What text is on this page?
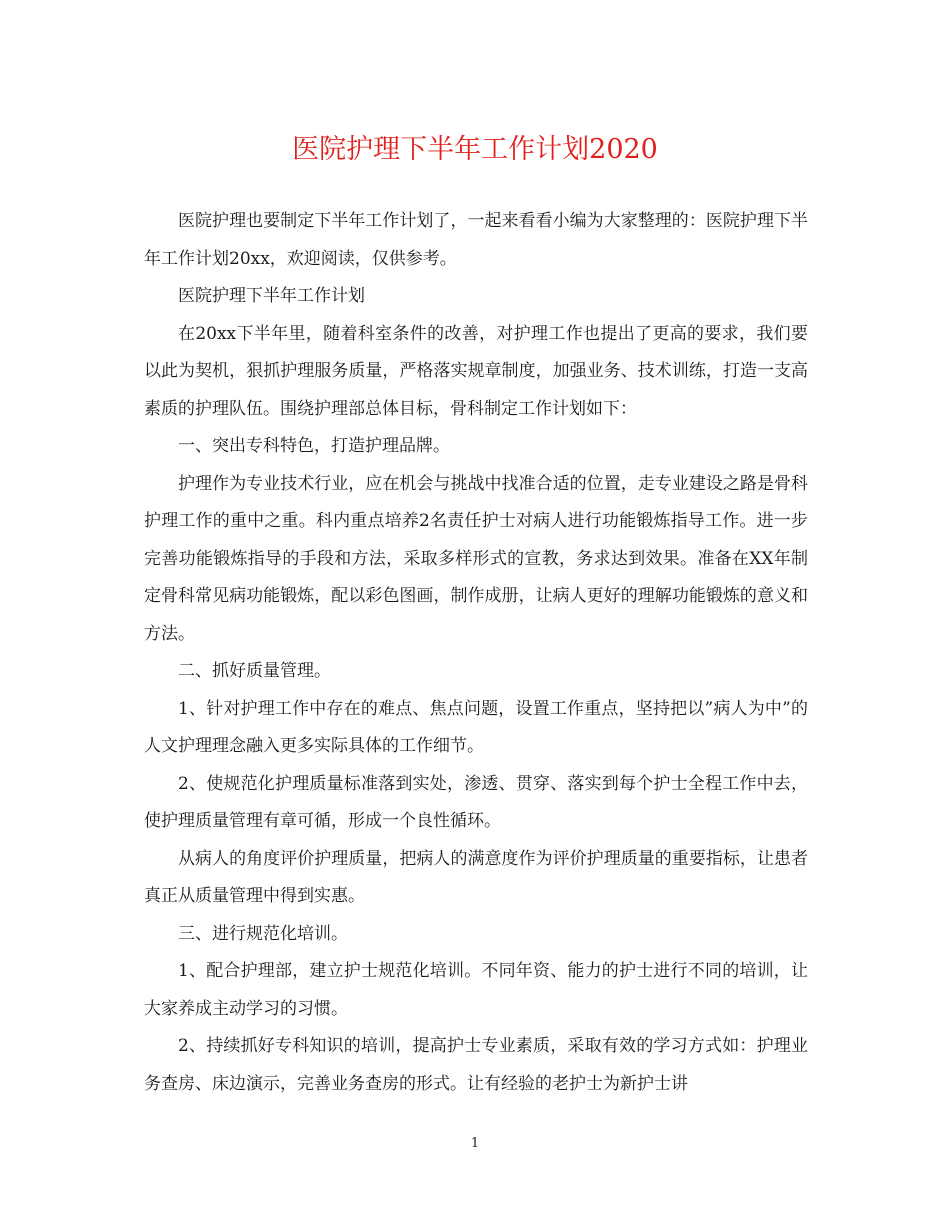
医院护理下半年工作计划2020

医院护理也要制定下半年工作计划了，一起来看看小编为大家整理的：医院护理下半年工作计划20xx，欢迎阅读，仅供参考。

医院护理下半年工作计划

在20xx下半年里，随着科室条件的改善，对护理工作也提出了更高的要求，我们要以此为契机，狠抓护理服务质量，严格落实规章制度，加强业务、技术训练，打造一支高素质的护理队伍。围绕护理部总体目标，骨科制定工作计划如下：

一、突出专科特色，打造护理品牌。

护理作为专业技术行业，应在机会与挑战中找准合适的位置，走专业建设之路是骨科护理工作的重中之重。科内重点培养2名责任护士对病人进行功能锻炼指导工作。进一步完善功能锻炼指导的手段和方法，采取多样形式的宣教，务求达到效果。准备在XX年制定骨科常见病功能锻炼，配以彩色图画，制作成册，让病人更好的理解功能锻炼的意义和方法。

二、抓好质量管理。

1、针对护理工作中存在的难点、焦点问题，设置工作重点，坚持把以”病人为中”的人文护理理念融入更多实际具体的工作细节。

2、使规范化护理质量标准落到实处，渗透、贯穿、落实到每个护士全程工作中去，使护理质量管理有章可循，形成一个良性循环。

从病人的角度评价护理质量，把病人的满意度作为评价护理质量的重要指标，让患者真正从质量管理中得到实惠。

三、进行规范化培训。

1、配合护理部，建立护士规范化培训。不同年资、能力的护士进行不同的培训，让大家养成主动学习的习惯。

2、持续抓好专科知识的培训，提高护士专业素质，采取有效的学习方式如：护理业务查房、床边演示，完善业务查房的形式。让有经验的老护士为新护士讲

1
